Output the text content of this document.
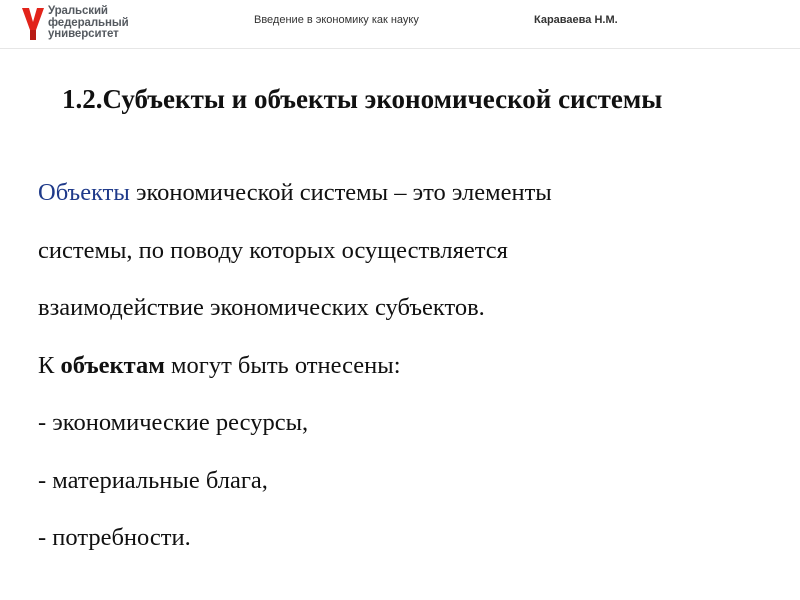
Уральский
федеральный
университет
Введение в экономику как науку	Караваева Н.М.
1.2.Субъекты и объекты экономической системы
Объекты экономической системы – это элементы
системы, по поводу которых осуществляется
взаимодействие экономических субъектов.
К объектам могут быть отнесены:
- экономические ресурсы,
- материальные блага,
- потребности.
